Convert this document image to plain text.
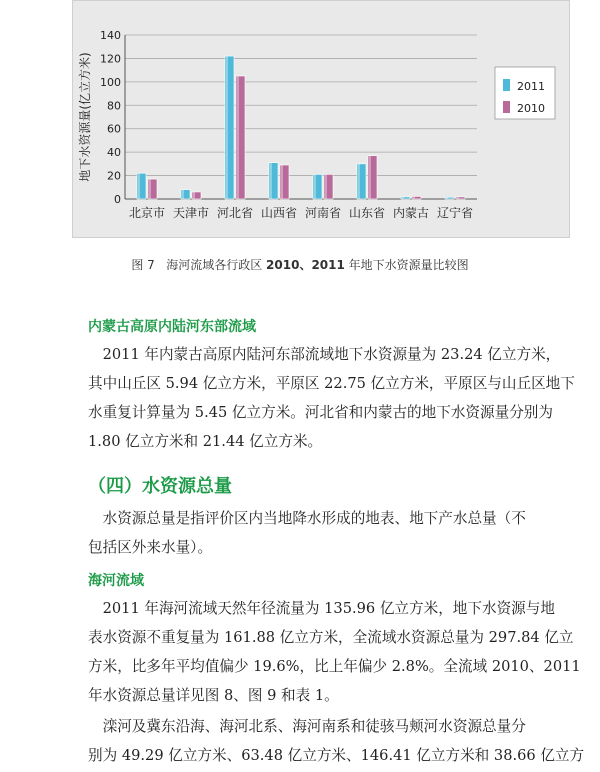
0
20
40
60
80
100
120
140
地下水资源量(亿立方米)
北京市 天津市 河北省 山西省 河南省 山东省 内蒙古 辽宁省
2011
2010
图 7 海河流域各行政区 2010、2011 年地下水资源量比较图
内蒙古高原内陆河东部流域
2011 年内蒙古高原内陆河东部流域地下水资源量为 23.24 亿立方米，
其中山丘区 5.94 亿立方米，平原区 22.75 亿立方米，平原区与山丘区地下
水重复计算量为 5.45 亿立方米。河北省和内蒙古的地下水资源量分别为
1.80 亿立方米和 21.44 亿立方米。
（四）水资源总量
水资源总量是指评价区内当地降水形成的地表、地下产水总量（不
包括区外来水量）。
海河流域
2011 年海河流域天然年径流量为 135.96 亿立方米，地下水资源与地
表水资源不重复量为 161.88 亿立方米，全流域水资源总量为 297.84 亿立
方米，比多年平均值偏少 19.6%，比上年偏少 2.8%。全流域 2010、2011
年水资源总量详见图 8、图 9 和表 1。
滦河及冀东沿海、海河北系、海河南系和徒骇马颊河水资源总量分
别为 49.29 亿立方米、63.48 亿立方米、146.41 亿立方米和 38.66 亿立方
